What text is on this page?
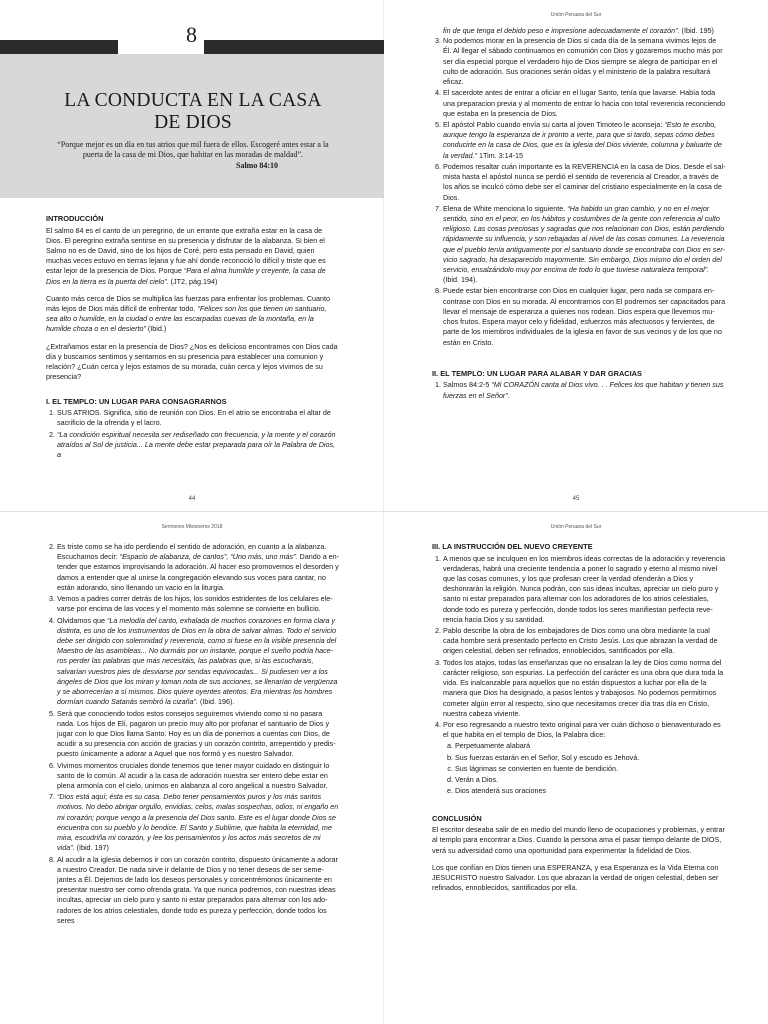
agosto 8
LA CONDUCTA EN LA CASA
DE DIOS
“Porque mejor es un día en tus atrios que mil fuera de ellos. Escogeré antes estar a la puerta de la casa de mi Dios, que habitar en las moradas de maldad”.
Salmo 84:10
INTRODUCCIÓN

El salmo 84 es el canto de un peregrino, de un errante que extraña estar en la casa de Dios. El peregrino extraña sentirse en su presencia y disfrutar de la alabanza. Si bien el Salmo no es de David, sino de los hijos de Coré, pero esta pensado en David, quien muchas veces estuvo en tierras lejana y fue ahí donde reconoció lo difícil y triste que es estar lejor de la presencia de Dios. Porque “Para el alma humilde y creyente, la casa de Dios en la tierra es la puerta del cielo”. (JT2, pág.194)

Cuanto más cerca de Dios se multiplica las fuerzas para enfrentar los problemas. Cuanto más lejos de Dios más difícil de enfrentar todo. “Felices son los que tienen un santuario, sea alto o humilde, en la ciudad o entre las escarpadas cuevas de la montaña, en la humilde choza o en el desierto” (Ibid.)

¿Extrañamos estar en la presencia de Dios? ¿Nos es delicioso encontramos con Dios cada día y buscamos sentimos y sentarnos en su presencia para establecer una comunion y relación? ¿Cuán cerca y lejos estamos de su morada, cuán cerca y lejos vivimos de su presencia?

I. EL TEMPLO: UN LUGAR PARA CONSAGRARNOS
1. SUS ATRIOS. Significa, sitio de reunión con Dios. En el atrio se encontraba el altar de sacrificio de la ofrenda y el lacro.
2. “La condición espiritual necesita ser rediseñado con frecuencia, y la mente y el corazón atraídos al Sol de justicia... La mente debe estar preparada para oír la Palabra de Dios, a
44
Unión Peruana del Sur

fin de que tenga el debido peso e impresione adecuadamente el corazón”. (Ibid. 195)

3. No podemos morar en la presencia de Dios si cada día de la semana vivimos lejos de Él. Al llegar el sábado continuamos en comunión con Dios y gozaremos mucho más por ser día especial porque el verdadero hijo de Dios siempre se alegra de participar en el culto de adoración. Sus oraciones serán oídas y el ministerio de la palabra resultará eficaz.
4. El sacerdote antes de entrar a oficiar en el lugar Santo, tenía que lavarse. Había toda una preparacion previa y al momento de entrar lo hacia con total reverencia reconciendo que estaba en la presencia de Dios.
5. El apóstol Pablo cuando envía su carta al joven Timoteo le aconseja: “Esto te escribo, aunque tengo la esperanza de ir pronto a verte, para que si tardo, sepas cómo debes conducirte en la casa de Dios, que es la iglesia del Dios viviente, columna y baluarte de la verdad.” 1Tim. 3:14-15
6. Podemos resaltar cuán importante es la REVERENCIA en la casa de Dios. Desde el salmista hasta el apóstol nunca se perdió el sentido de reverencia al Creador, a través de los años se inculcó cómo debe ser el caminar del cristiano especialmente en la casa de Dios.
7. Elena de White menciona lo siguiente. “Ha habido un gran cambio, y no en el mejor sentido, sino en el peor, en los hábitos y costumbres de la gente con referencia al culto religioso. Las cosas preciosas y sagradas que nos relacionan con Dios, están perdiendo rápidamente su influencia, y son rebajadas al nivel de las cosas comunes. La reverencia que el pueblo tenía antiguamente por el santuario donde se encontraba con Dios en servicio sagrado, ha desaparecido mayormente. Sin embargo, Dios mismo dio el orden del servicio, ensalzándolo muy por encima de todo lo que tuviese naturaleza temporal”. (Ibid. 194).
8. Puede estar bien encontrarse con Dios en cualquier lugar, pero nada se compara encontrase con Dios en su morada. Al encontrarnos con El podremos ser capacitados para llevar el mensaje de esperanza a quienes nos rodean. Dios espera que llevemos muchos frutos. Espera mayor celo y fidelidad, esfuerzos más afectuosos y fervientes, de parte de los miembros individuales de la iglesia en favor de sus vecinos y de los que no están en Cristo.
II. EL TEMPLO: UN LUGAR PARA ALABAR Y DAR GRACIAS
1. Salmos 84:2-5 “Mi CORAZÓN canta al Dios vivo. . . Felices los que habitan y tienen sus fuerzas en el Señor”.
45
Sermones Misioneros 2018
2. Es triste como se ha ido perdiendo el sentido de adoración, en cuanto a la alabanza. Escuchamos decir: “Espacio de alabanza, de cantos”, “Uno más, uno más”. Dando a entender que estamos improvisando la adoración. Al hacer eso promovemos el desorden y damos a entender que al unirse la congregación elevando sus voces para cantar, no están adorando, sino llenando un vacio en la liturgia.
3. Vemos a padres correr detrás de los hijos, los sonidos estridentes de los celulares elevarse por encima de las voces y el momento más solemne se convierte en bullicio.
4. Olvidamos que “La melodía del canto, exhalada de muchos corazones en forma clara y distinta, es uno de los instrumentos de Dios en la obra de salvar almas. Todo el servicio debe ser dirigido con solemnidad y reverencia, como si fuese en la visible presencia del Maestro de las asambleas... No durmáis por un instante, porque el sueño podría haceros perder las palabras que más necesitáis, las palabras que, si las escucharais, salvarían vuestros pies de desviarse por sendas equivocadas... Si pudiesen ver a los ángeles de Dios que los miran y toman nota de sus acciones, se llenarían de vergüenza y se aborrecerían a sí mismos. Dios quiere oyentes atentos. Era mientras los hombres dormían cuando Satanás sembró la cizaña”. (Ibid. 196).
5. Será que conociendo todos estos consejos seguiremos viviendo como si no pasara nada. Los hijos de Elí, pagaron un precio muy alto por profanar el santuario de Dios y jugar con lo que Dios llama Santo. Hoy es un día de ponernos a cuentas con Dios, de acudir a su presencia con acción de gracias y un corazón contrito, arrepentido y predispuesto únicamente a adorar a Aquel que nos formó y es nuestro Salvador.
6. Vivimos momentos cruciales donde tenemos que tener mayor cuidado en distinguir lo santo de lo común. Al acudir a la casa de adoración nuestra ser entero debe estar en plena armonía con el cielo, unirnos en alabanza al coro angelical a nuestro Salvador.
7. “Dios está aquí; ésta es su casa. Debo tener pensamientos puros y los más santos motivos. No debo abrigar orgullo, envidias, celos, malas sospechas, odios, ni engaño en mi corazón; porque vengo a la presencia del Dios santo. Este es el lugar donde Dios se encuentra con su pueblo y lo bendice. El Santo y Sublime, que habita la eternidad, me mira, escudriña mi corazón, y lee los pensamientos y los actos más secretos de mi vida”. (Ibid. 197)
8. Al acudir a la iglesia debemos ir con un corazón contrito, dispuesto únicamente a adorar a nuestro Creador. De nada sirve ir delante de Dios y no tener deseos de ser semejantes a Él. Dejemos de lado los deseos personales y concentrémonos únicamente en presentar nuestro ser como ofrenda grata. Ya que nunca podremos, con nuestras ideas incultas, apreciar un cielo puro y santo ni estar preparados para alternar con los adoradores de los atrios celestiales, donde todo es pureza y perfección, donde todos los seres
Unión Peruana del Sur
III. LA INSTRUCCIÓN DEL NUEVO CREYENTE
1. A menos que se inculquen en los miembros ideas correctas de la adoración y reverencia verdaderas, habrá una creciente tendencia a poner lo sagrado y eterno al mismo nivel que las cosas comunes, y los que profesan creer la verdad ofenderán a Dios y deshonrarán la religión. Nunca podrán, con sus ideas incultas, apreciar un cielo puro y santo ni estar preparados para alternar con los adoradores de los atrios celestiales, donde todo es pureza y perfección, donde todos los seres manifiestan perfecta reverencia hacia Dios y su santidad.
2. Pablo describe la obra de los embajadores de Dios como una obra mediante la cual cada hombre será presentado perfecto en Cristo Jesús. Los que abrazan la verdad de origen celestial, deben ser refinados, ennoblecidos, santificados por ella.
3. Todos los atajos, todas las enseñanzas que no ensalzan la ley de Dios como norma del carácter religioso, son espurias. La perfección del carácter es una obra que dura toda la vida. Es inalcanzable para aquellos que no están dispuestos a luchar por ella de la manera que Dios ha designado, a pasos lentos y trabajosos. No podemos permitirnos cometer algún error al respecto, sino que necesitamos crecer día tras día en Cristo, nuestra cabeza viviente.
4. Por eso regresando a nuestro texto original para ver cuán dichoso o bienaventurado es el que habita en el templo de Dios, la Palabra dice:
a. Perpetuamente alabará
b. Sus fuerzas estarán en el Señor, Sol y escudo es Jehová.
c. Sus lágrimas se convierten en fuente de bendición.
d. Verán a Dios.
e. Dios atenderá sus oraciones
CONCLUSIÓN

El escritor deseaba salir de en medio del mundo lleno de ocupaciones y problemas, y entrar al templo para encontrar a Dios. Cuando la persona ama el pasar tiempo delante de DIOS, verá su adversidad como una oportunidad para experimentar la fidelidad de Dios.

Los que confían en Dios tienen una ESPERANZA, y esa Esperanza es la Vida Eterna con JESUCRISTO nuestro Salvador. Los que abrazan la verdad de origen celestial, deben ser refinados, ennoblecidos, santificados por ella.
